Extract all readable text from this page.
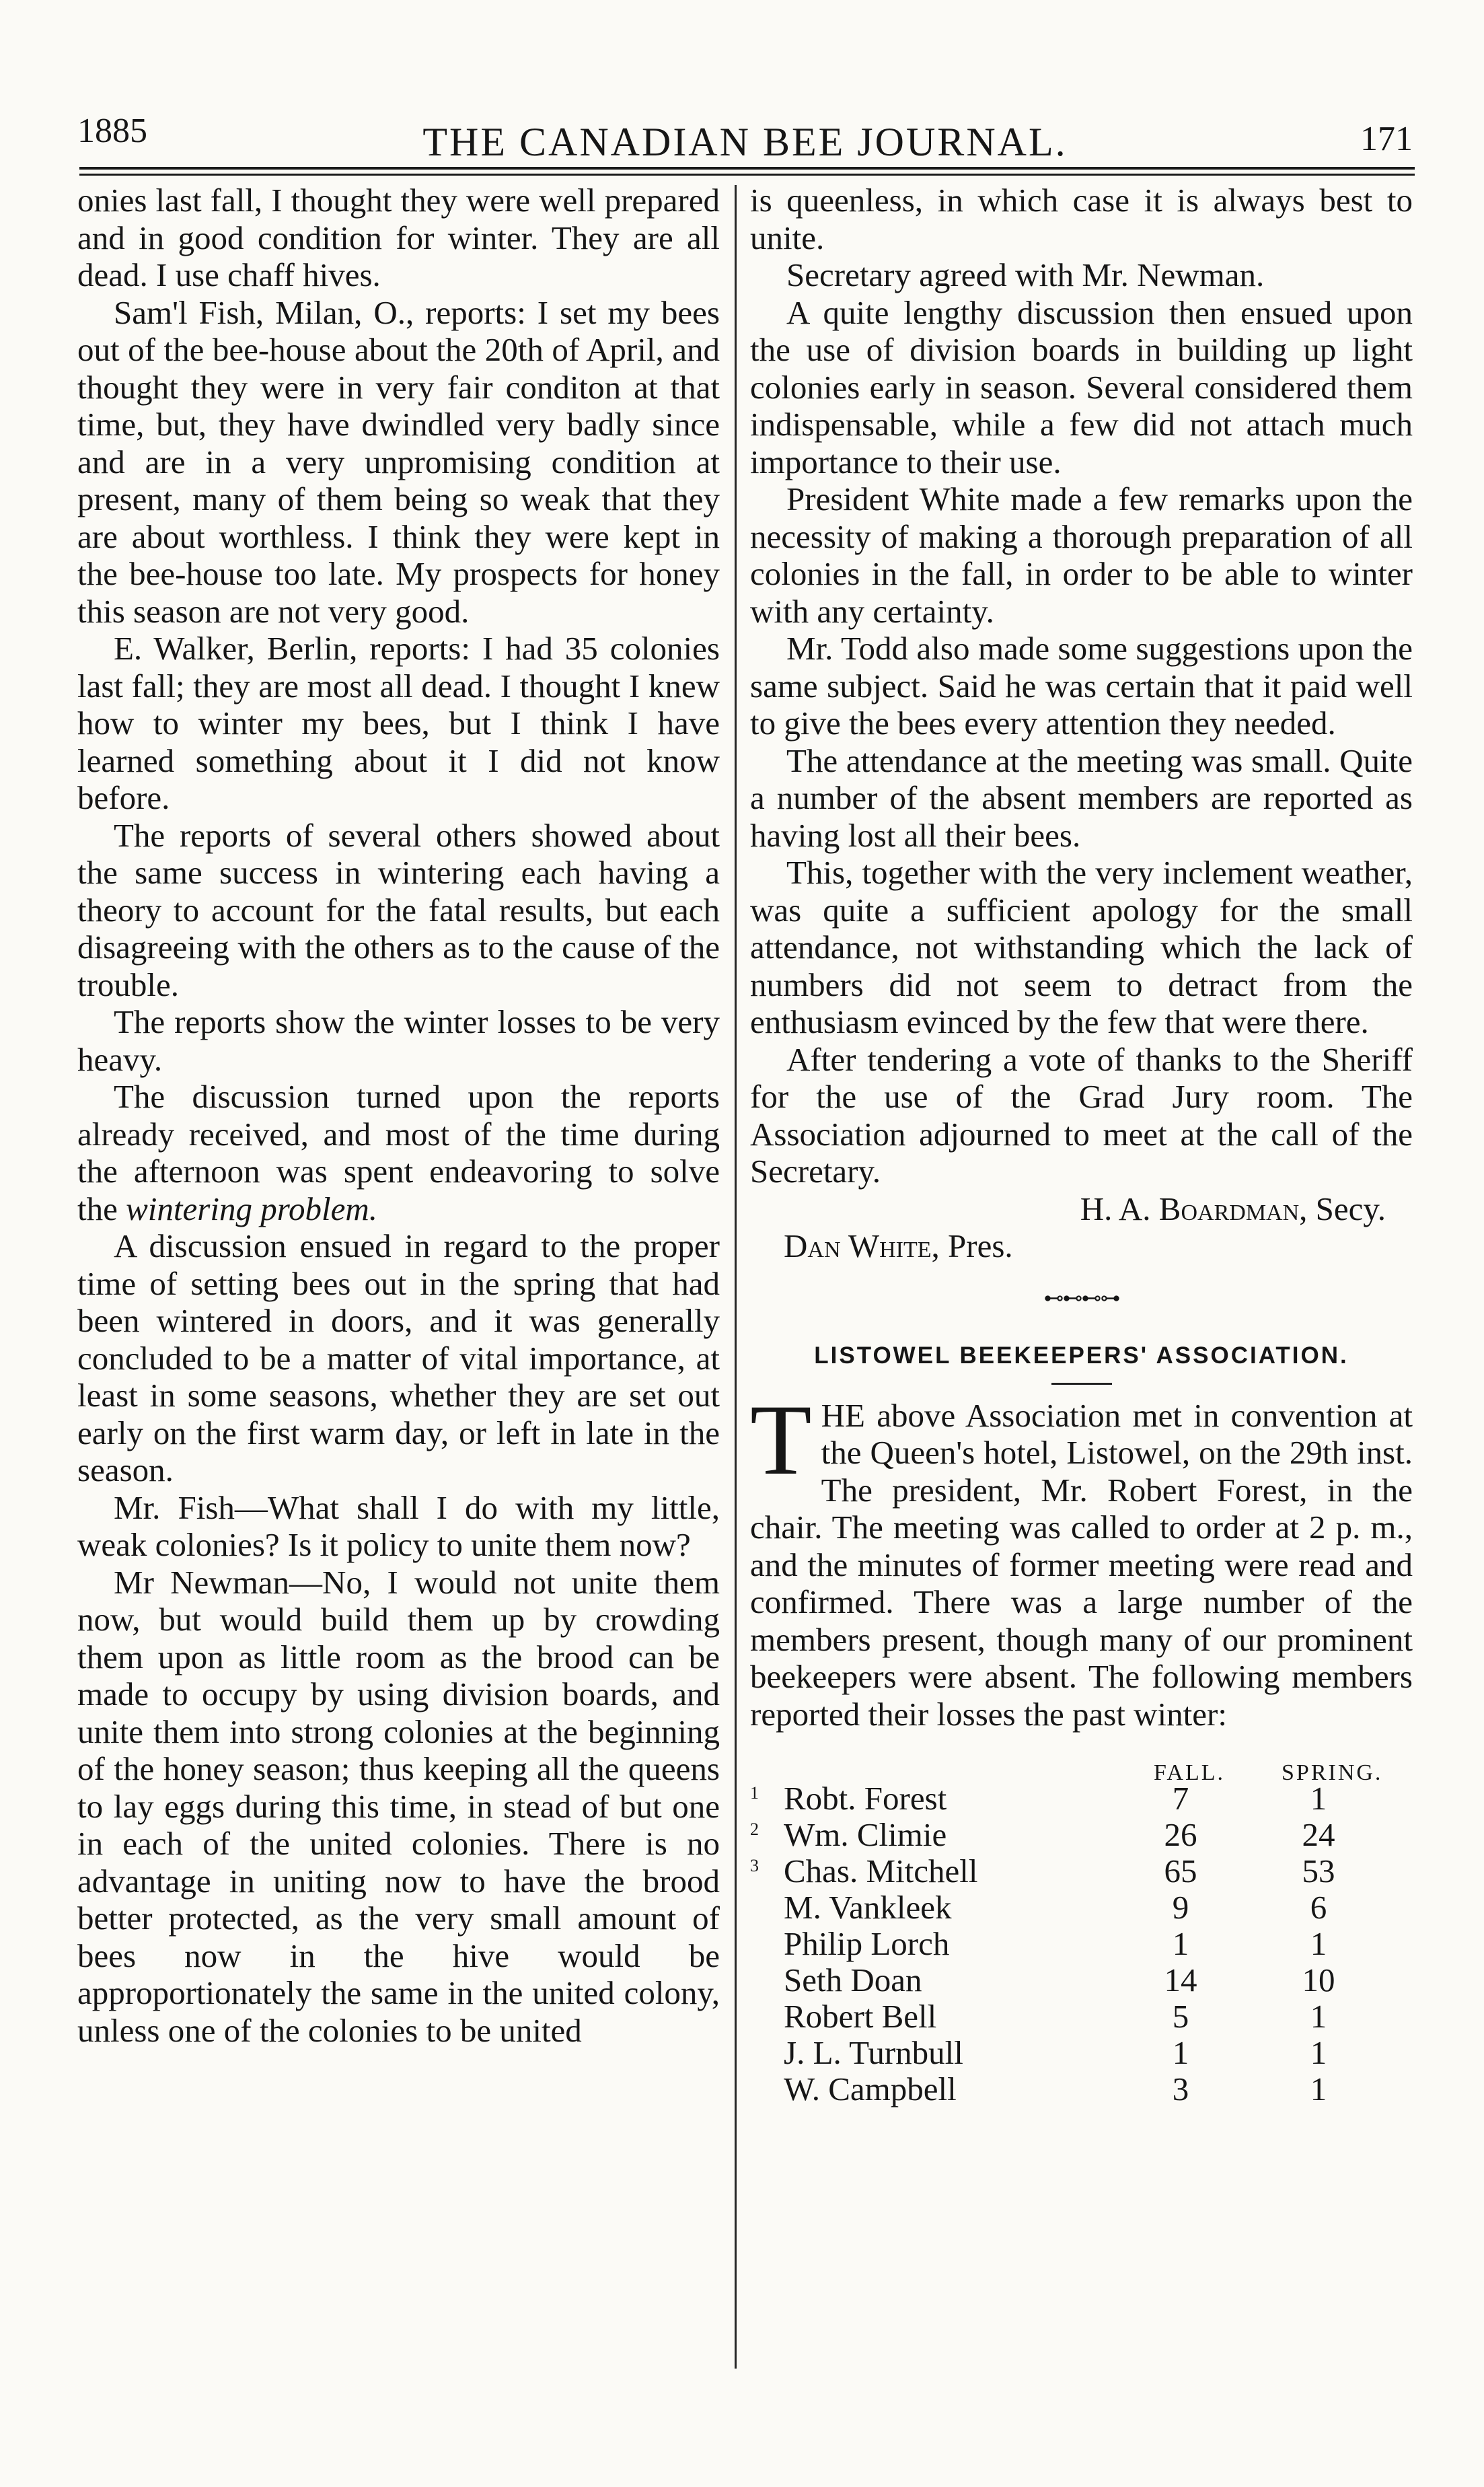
1885	THE CANADIAN BEE JOURNAL.	171

onies last fall, I thought they were well prepared and in good condition for winter. They are all dead. I use chaff hives.

Sam'l Fish, Milan, O., reports: I set my bees out of the bee-house about the 20th of April, and thought they were in very fair conditon at that time, but, they have dwindled very badly since and are in a very unpromising condition at present, many of them being so weak that they are about worthless. I think they were kept in the bee-house too late. My prospects for honey this season are not very good.

E. Walker, Berlin, reports: I had 35 colonies last fall; they are most all dead. I thought I knew how to winter my bees, but I think I have learned something about it I did not know before.

The reports of several others showed about the same success in wintering each having a theory to account for the fatal results, but each disagreeing with the others as to the cause of the trouble.

The reports show the winter losses to be very heavy.

The discussion turned upon the reports already received, and most of the time during the afternoon was spent endeavoring to solve the wintering problem.

A discussion ensued in regard to the proper time of setting bees out in the spring that had been wintered in doors, and it was generally concluded to be a matter of vital importance, at least in some seasons, whether they are set out early on the first warm day, or left in late in the season.

Mr. Fish—What shall I do with my little, weak colonies? Is it policy to unite them now?

Mr Newman—No, I would not unite them now, but would build them up by crowding them upon as little room as the brood can be made to occupy by using division boards, and unite them into strong colonies at the beginning of the honey season; thus keeping all the queens to lay eggs during this time, in stead of but one in each of the united colonies. There is no advantage in uniting now to have the brood better protected, as the very small amount of bees now in the hive would be approportionately the same in the united colony, unless one of the colonies to be united

is queenless, in which case it is always best to unite.

Secretary agreed with Mr. Newman.

A quite lengthy discussion then ensued upon the use of division boards in building up light colonies early in season. Several considered them indispensable, while a few did not attach much importance to their use.

President White made a few remarks upon the necessity of making a thorough preparation of all colonies in the fall, in order to be able to winter with any certainty.

Mr. Todd also made some suggestions upon the same subject. Said he was certain that it paid well to give the bees every attention they needed.

The attendance at the meeting was small. Quite a number of the absent members are reported as having lost all their bees.

This, together with the very inclement weather, was quite a sufficient apology for the small attendance, not withstanding which the lack of numbers did not seem to detract from the enthusiasm evinced by the few that were there.

After tendering a vote of thanks to the Sheriff for the use of the Grad Jury room. The Association adjourned to meet at the call of the Secretary.

H. A. Boardman, Secy.

Dan White, Pres.

⊷⊷⊷⊶
LISTOWEL BEEKEEPERS' ASSOCIATION.
T HE above Association met in convention at the Queen's hotel, Listowel, on the 29th inst. The president, Mr. Robert Forest, in the chair. The meeting was called to order at 2 p. m., and the minutes of former meeting were read and confirmed. There was a large number of the members present, though many of our prominent beekeepers were absent. The following members reported their losses the past winter:

FALL. SPRING.
1 Robt. Forest	7	1
2 Wm. Climie	26	24
3 Chas. Mitchell	65	53
M. Vankleek	9	6
Philip Lorch	1	1
Seth Doan	14	10
Robert Bell	5	1
J. L. Turnbull	1	1
W. Campbell	3	1
